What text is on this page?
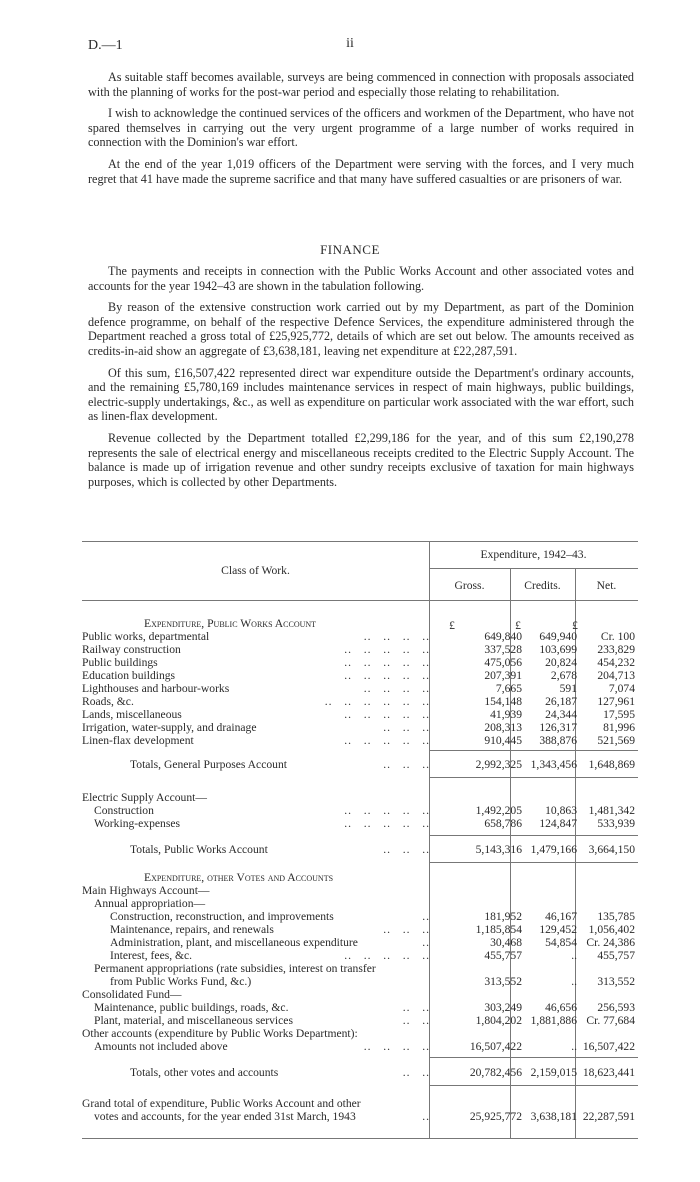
D.—1	ii

As suitable staff becomes available, surveys are being commenced in connection with proposals associated with the planning of works for the post-war period and especially those relating to rehabilitation.

I wish to acknowledge the continued services of the officers and workmen of the Department, who have not spared themselves in carrying out the very urgent programme of a large number of works required in connection with the Dominion's war effort.

At the end of the year 1,019 officers of the Department were serving with the forces, and I very much regret that 41 have made the supreme sacrifice and that many have suffered casualties or are prisoners of war.

FINANCE

The payments and receipts in connection with the Public Works Account and other associated votes and accounts for the year 1942–43 are shown in the tabulation following.

By reason of the extensive construction work carried out by my Department, as part of the Dominion defence programme, on behalf of the respective Defence Services, the expenditure administered through the Department reached a gross total of £25,925,772, details of which are set out below. The amounts received as credits-in-aid show an aggregate of £3,638,181, leaving net expenditure at £22,287,591.

Of this sum, £16,507,422 represented direct war expenditure outside the Department's ordinary accounts, and the remaining £5,780,169 includes maintenance services in respect of main highways, public buildings, electric-supply undertakings, &c., as well as expenditure on particular work associated with the war effort, such as linen-flax development.

Revenue collected by the Department totalled £2,299,186 for the year, and of this sum £2,190,278 represents the sale of electrical energy and miscellaneous receipts credited to the Electric Supply Account. The balance is made up of irrigation revenue and other sundry receipts exclusive of taxation for main highways purposes, which is collected by other Departments.

Class of Work.
Expenditure, 1942–43.
Gross.	Credits.	Net.
£	£	£
Expenditure, Public Works Account
Public works, departmental	..   ..   ..   ..	649,840	649,940	Cr. 100
Railway construction	..   ..   ..   ..   ..	337,528	103,699	233,829
Public buildings	..   ..   ..   ..   ..	475,056	20,824	454,232
Education buildings	..   ..   ..   ..   ..	207,391	2,678	204,713
Lighthouses and harbour-works	..   ..   ..   ..	7,665	591	7,074
Roads, &c.	..   ..   ..   ..   ..   ..	154,148	26,187	127,961
Lands, miscellaneous	..   ..   ..   ..   ..	41,939	24,344	17,595
Irrigation, water-supply, and drainage	..   ..   ..	208,313	126,317	81,996
Linen-flax development	..   ..   ..   ..   ..	910,445	388,876	521,569
Totals, General Purposes Account	..   ..   ..	2,992,325 1,343,456	1,648,869
Electric Supply Account—
Construction	..   ..   ..   ..   ..	1,492,205	10,863	1,481,342
Working-expenses	..   ..   ..   ..   ..	658,786	124,847	533,939
Totals, Public Works Account	..   ..   ..	5,143,316 1,479,166	3,664,150
Expenditure, other Votes and Accounts
Main Highways Account—
Annual appropriation—
Construction, reconstruction, and improvements	..	181,952	46,167	135,785
Maintenance, repairs, and renewals	..   ..   ..	1,185,854	129,452	1,056,402
Administration, plant, and miscellaneous expenditure	..	30,468	54,854 Cr. 24,386
Interest, fees, &c.	..   ..   ..   ..   ..	455,757	..	455,757
Permanent appropriations (rate subsidies, interest on transfer
from Public Works Fund, &c.)	313,552	..	313,552
Consolidated Fund—
Maintenance, public buildings, roads, &c.	..   ..	303,249	46,656	256,593
Plant, material, and miscellaneous services	..   ..	1,804,202 1,881,886 Cr. 77,684
Other accounts (expenditure by Public Works Department):
Amounts not included above	..   ..   ..   ..	16,507,422	.. 16,507,422
Totals, other votes and accounts	..   ..	20,782,456 2,159,015 18,623,441
Grand total of expenditure, Public Works Account and other
votes and accounts, for the year ended 31st March, 1943	..	25,925,772 3,638,181 22,287,591
